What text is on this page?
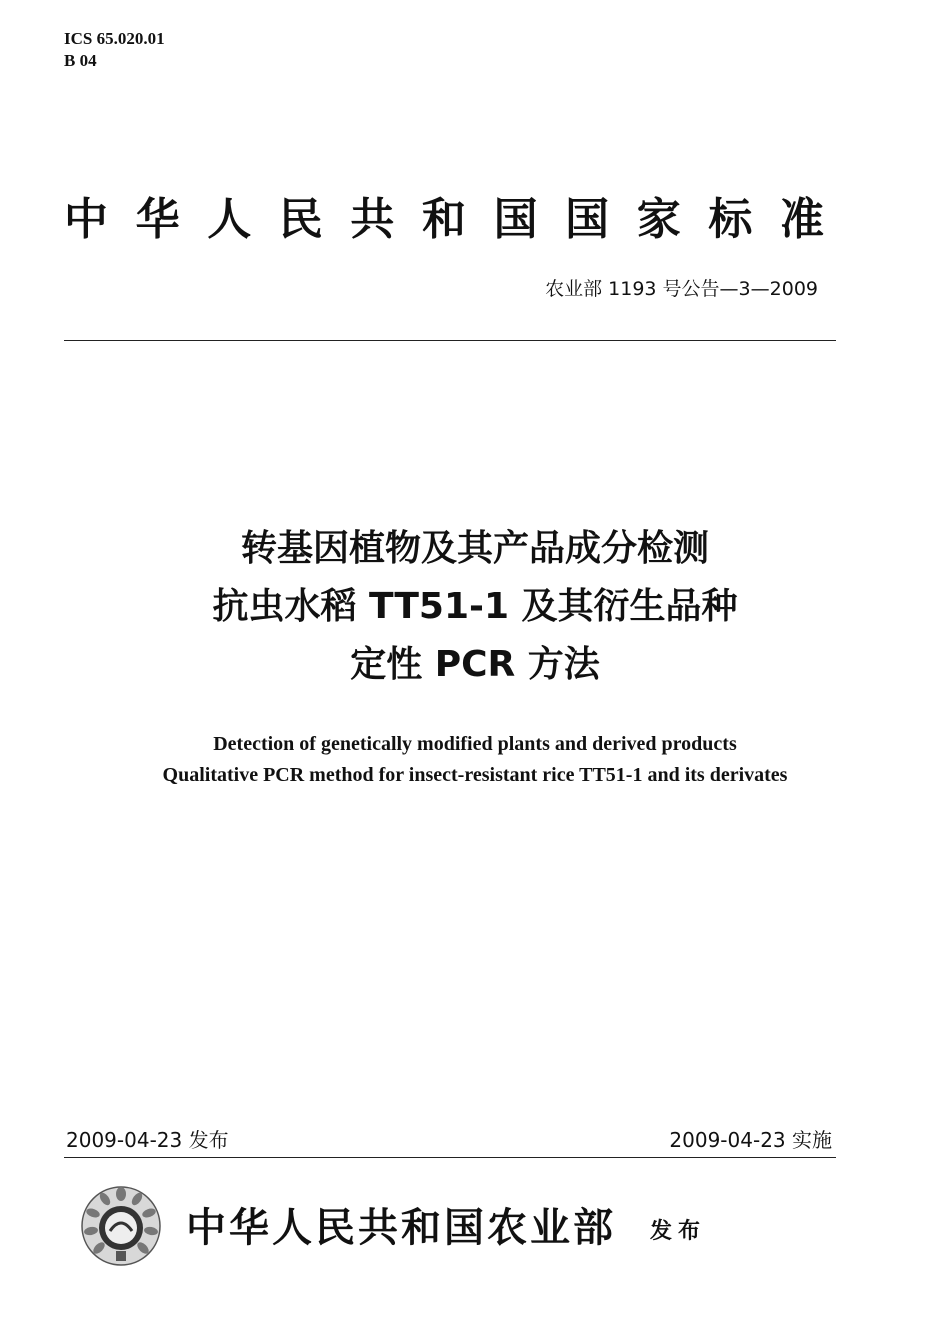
ICS 65.020.01
B 04
中 华 人 民 共 和 国 国 家 标 准
农业部 1193 号公告—3—2009
转基因植物及其产品成分检测
抗虫水稻 TT51-1 及其衍生品种
定性 PCR 方法
Detection of genetically modified plants and derived products
Qualitative PCR method for insect-resistant rice TT51-1 and its derivates
2009-04-23 发布	2009-04-23 实施
中华人民共和国农业部 发布
